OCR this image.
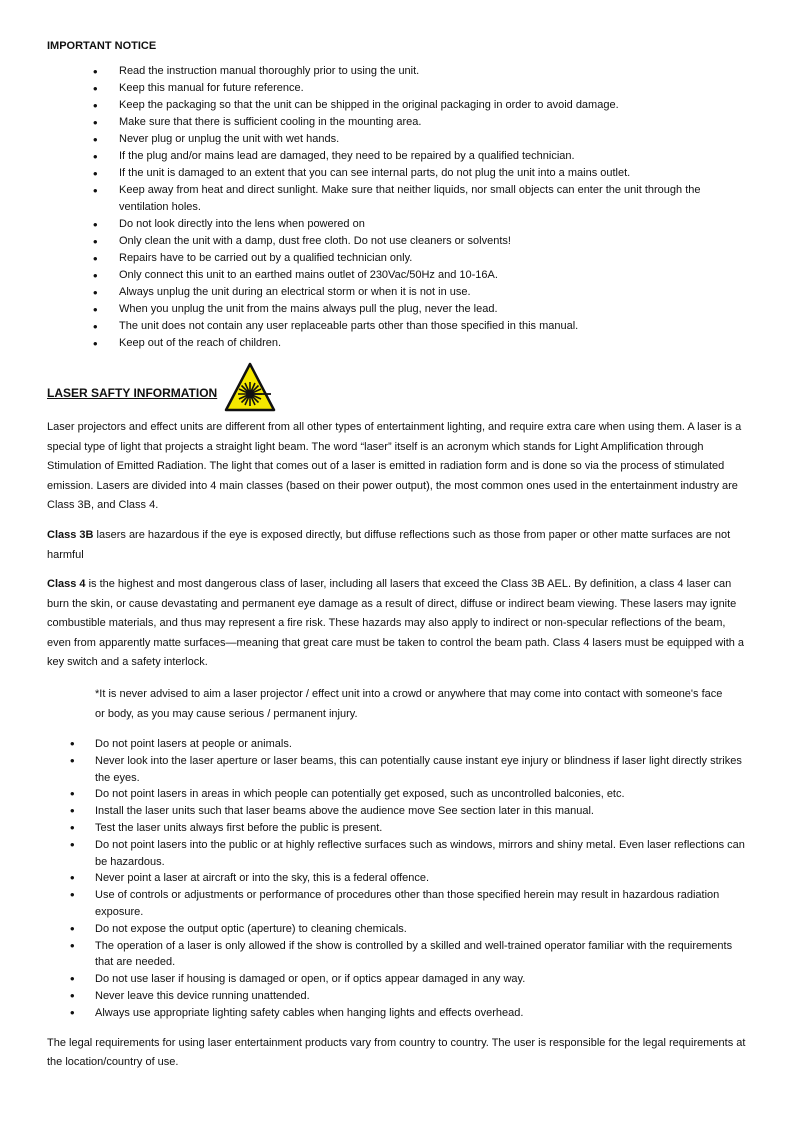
IMPORTANT NOTICE
• Read the instruction manual thoroughly prior to using the unit.
• Keep this manual for future reference.
• Keep the packaging so that the unit can be shipped in the original packaging in order to avoid damage.
• Make sure that there is sufficient cooling in the mounting area.
• Never plug or unplug the unit with wet hands.
• If the plug and/or mains lead are damaged, they need to be repaired by a qualified technician.
• If the unit is damaged to an extent that you can see internal parts, do not plug the unit into a mains outlet.
• Keep away from heat and direct sunlight. Make sure that neither liquids, nor small objects can enter the unit through the ventilation holes.
• Do not look directly into the lens when powered on
• Only clean the unit with a damp, dust free cloth. Do not use cleaners or solvents!
• Repairs have to be carried out by a qualified technician only.
• Only connect this unit to an earthed mains outlet of 230Vac/50Hz and 10-16A.
• Always unplug the unit during an electrical storm or when it is not in use.
• When you unplug the unit from the mains always pull the plug, never the lead.
• The unit does not contain any user replaceable parts other than those specified in this manual.
• Keep out of the reach of children.
LASER SAFTY INFORMATION

Laser projectors and effect units are different from all other types of entertainment lighting, and require extra care when using them. A laser is a special type of light that projects a straight light beam. The word “laser” itself is an acronym which stands for Light Amplification through Stimulation of Emitted Radiation. The light that comes out of a laser is emitted in radiation form and is done so via the process of stimulated emission. Lasers are divided into 4 main classes (based on their power output), the most common ones used in the entertainment industry are Class 3B, and Class 4.

Class 3B lasers are hazardous if the eye is exposed directly, but diffuse reflections such as those from paper or other matte surfaces are not harmful

Class 4 is the highest and most dangerous class of laser, including all lasers that exceed the Class 3B AEL. By definition, a class 4 laser can burn the skin, or cause devastating and permanent eye damage as a result of direct, diffuse or indirect beam viewing. These lasers may ignite combustible materials, and thus may represent a fire risk. These hazards may also apply to indirect or non-specular reflections of the beam, even from apparently matte surfaces—meaning that great care must be taken to control the beam path. Class 4 lasers must be equipped with a key switch and a safety interlock.

*It is never advised to aim a laser projector / effect unit into a crowd or anywhere that may come into contact with someone's face or body, as you may cause serious / permanent injury.

• Do not point lasers at people or animals.
• Never look into the laser aperture or laser beams, this can potentially cause instant eye injury or blindness if laser light directly strikes the eyes.
• Do not point lasers in areas in which people can potentially get exposed, such as uncontrolled balconies, etc.
• Install the laser units such that laser beams above the audience move See section later in this manual.
• Test the laser units always first before the public is present.
• Do not point lasers into the public or at highly reflective surfaces such as windows, mirrors and shiny metal. Even laser reflections can be hazardous.
• Never point a laser at aircraft or into the sky, this is a federal offence.
• Use of controls or adjustments or performance of procedures other than those specified herein may result in hazardous radiation exposure.
• Do not expose the output optic (aperture) to cleaning chemicals.
• The operation of a laser is only allowed if the show is controlled by a skilled and well-trained operator familiar with the requirements that are needed.
• Do not use laser if housing is damaged or open, or if optics appear damaged in any way.
• Never leave this device running unattended.
• Always use appropriate lighting safety cables when hanging lights and effects overhead.

The legal requirements for using laser entertainment products vary from country to country. The user is responsible for the legal requirements at the location/country of use.
